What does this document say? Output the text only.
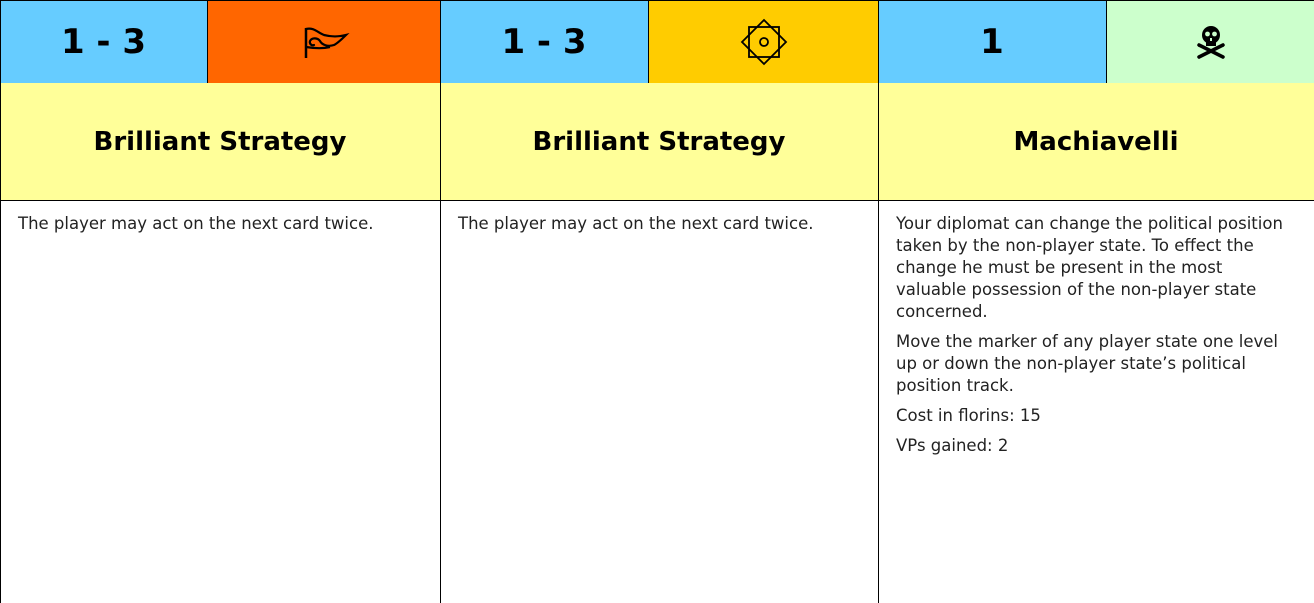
1 - 3
Brilliant Strategy

The player may act on the next card twice.

1 - 3
Brilliant Strategy

The player may act on the next card twice.

1
Machiavelli

Your diplomat can change the political position taken by the non-player state. To effect the change he must be present in the most valuable possession of the non-player state concerned.

Move the marker of any player state one level up or down the non-player state’s political position track.

Cost in florins: 15

VPs gained: 2
